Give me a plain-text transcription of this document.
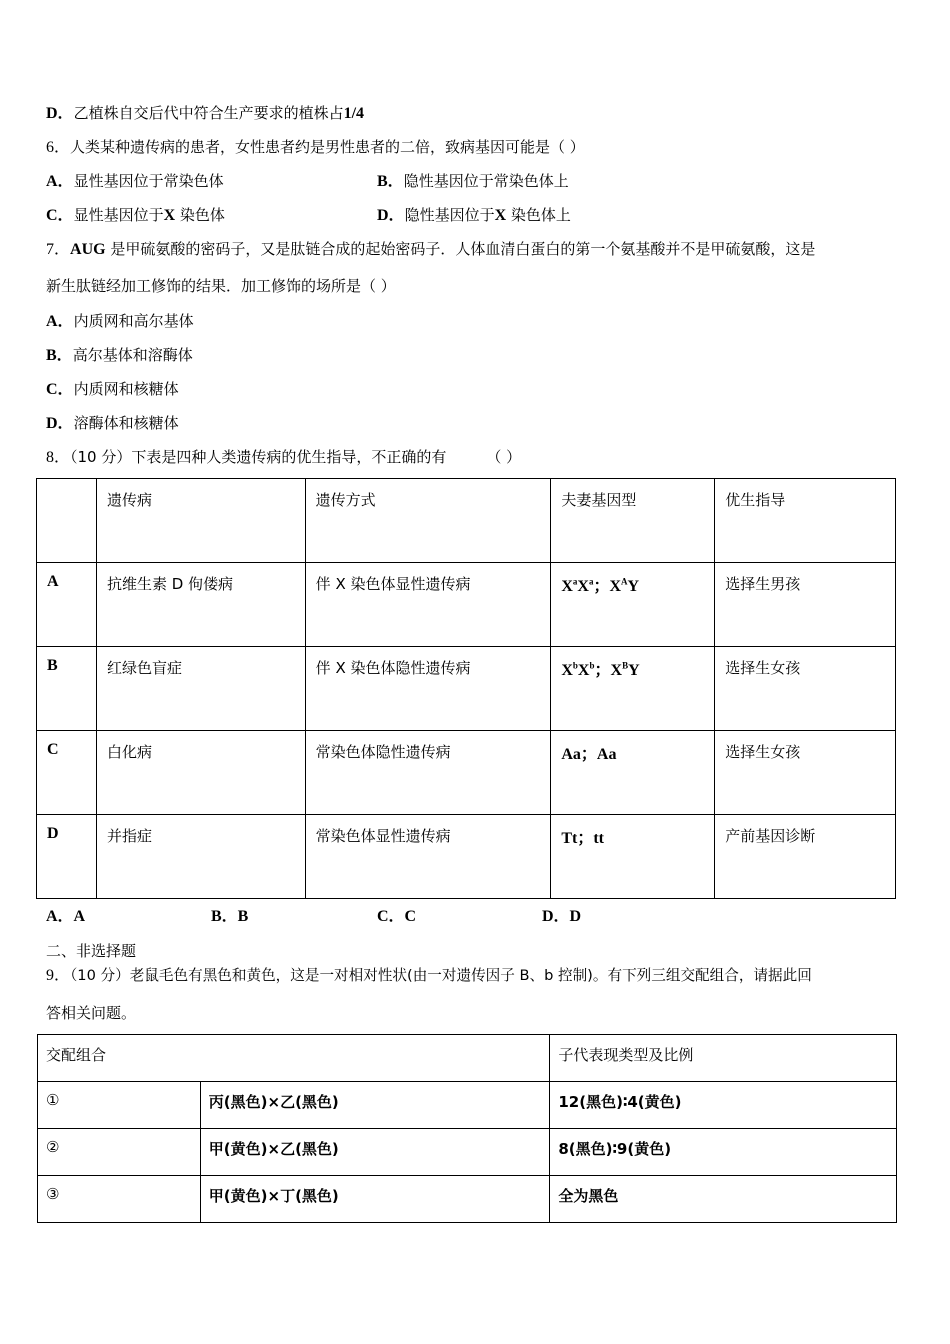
D．乙植株自交后代中符合生产要求的植株占1/4
6．人类某种遗传病的患者，女性患者约是男性患者的二倍，致病基因可能是（ ）
A．显性基因位于常染色体	B．隐性基因位于常染色体上
C．显性基因位于X 染色体	D．隐性基因位于X 染色体上
7．AUG 是甲硫氨酸的密码子，又是肽链合成的起始密码子．人体血清白蛋白的第一个氨基酸并不是甲硫氨酸，这是
新生肽链经加工修饰的结果．加工修饰的场所是（ ）
A．内质网和高尔基体
B．高尔基体和溶酶体
C．内质网和核糖体
D．溶酶体和核糖体
8．（10 分）下表是四种人类遗传病的优生指导，不正确的有	（ ）
	遗传病	遗传方式	夫妻基因型	优生指导
A	抗维生素 D 佝偻病	伴 X 染色体显性遗传病	$X^aX^a$；$X^AY$	选择生男孩
B	红绿色盲症	伴 X 染色体隐性遗传病	$X^bX^b$；$X^BY$	选择生女孩
C	白化病	常染色体隐性遗传病	Aa；Aa	选择生女孩
D	并指症	常染色体显性遗传病	Tt；tt	产前基因诊断
A．A	B．B	C．C	D．D
二、非选择题
9．（10 分）老鼠毛色有黑色和黄色，这是一对相对性状(由一对遗传因子 B、b 控制)。有下列三组交配组合，请据此回
答相关问题。
交配组合		子代表现类型及比例
①	丙(黑色)×乙(黑色)	12(黑色)∶4(黄色)
②	甲(黄色)×乙(黑色)	8(黑色)∶9(黄色)
③	甲(黄色)×丁(黑色)	全为黑色
